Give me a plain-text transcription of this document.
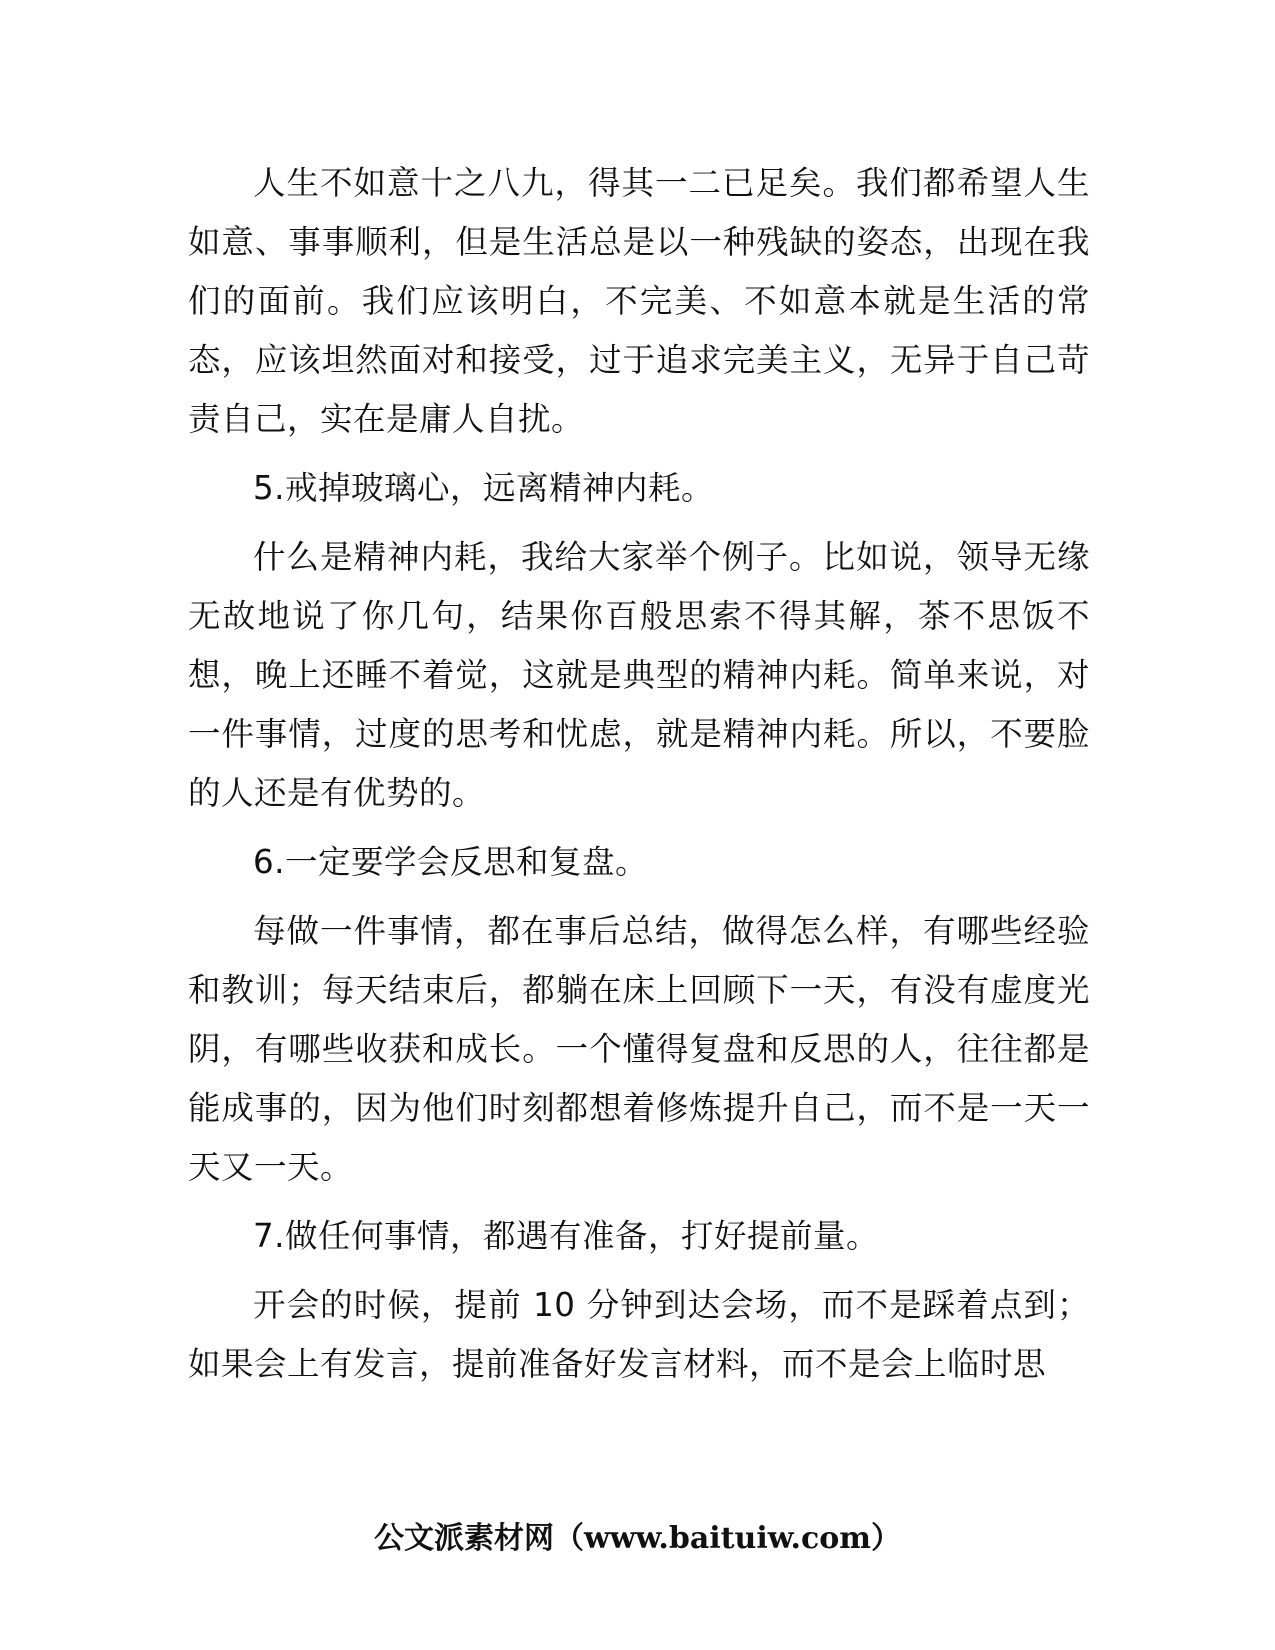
人生不如意十之八九，得其一二已足矣。我们都希望人生如意、事事顺利，但是生活总是以一种残缺的姿态，出现在我们的面前。我们应该明白，不完美、不如意本就是生活的常态，应该坦然面对和接受，过于追求完美主义，无异于自己苛责自己，实在是庸人自扰。

5.戒掉玻璃心，远离精神内耗。

什么是精神内耗，我给大家举个例子。比如说，领导无缘无故地说了你几句，结果你百般思索不得其解，茶不思饭不想，晚上还睡不着觉，这就是典型的精神内耗。简单来说，对一件事情，过度的思考和忧虑，就是精神内耗。所以，不要脸的人还是有优势的。

6.一定要学会反思和复盘。

每做一件事情，都在事后总结，做得怎么样，有哪些经验和教训；每天结束后，都躺在床上回顾下一天，有没有虚度光阴，有哪些收获和成长。一个懂得复盘和反思的人，往往都是能成事的，因为他们时刻都想着修炼提升自己，而不是一天一天又一天。

7.做任何事情，都遇有准备，打好提前量。

开会的时候，提前 10 分钟到达会场，而不是踩着点到；如果会上有发言，提前准备好发言材料，而不是会上临时思

公文派素材网（www.baituiw.com）
